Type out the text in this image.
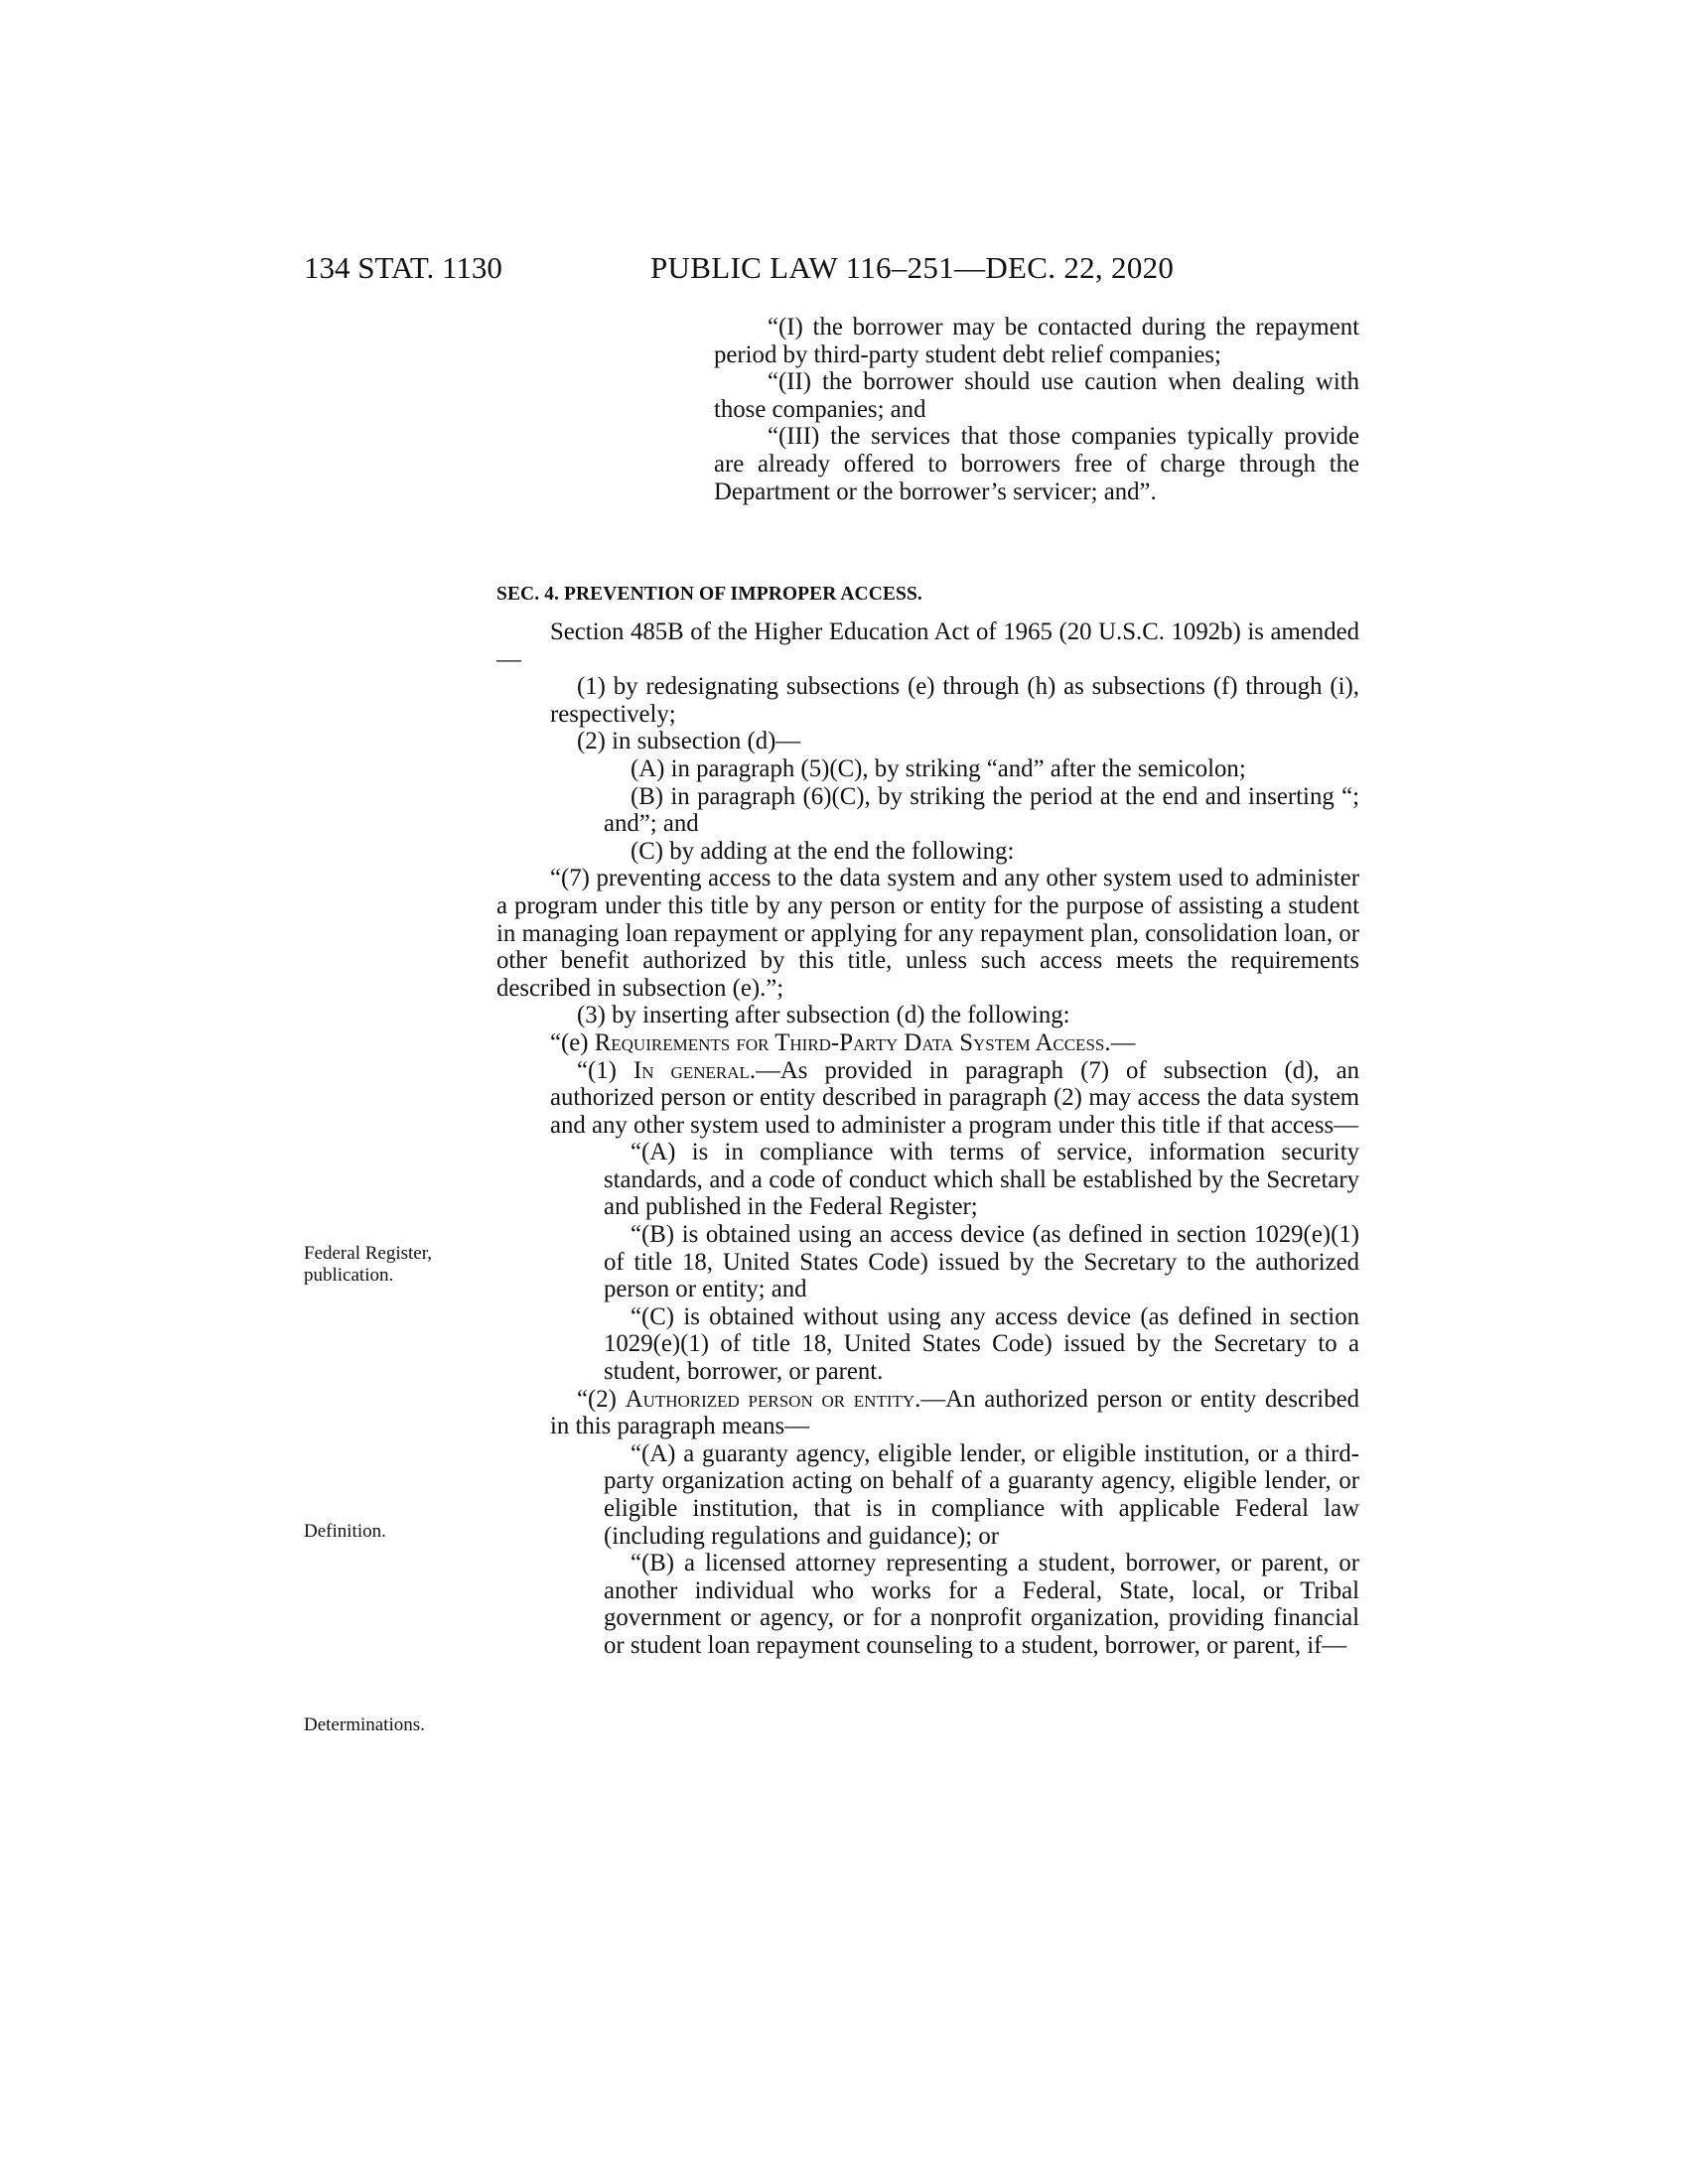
134 STAT. 1130	PUBLIC LAW 116–251—DEC. 22, 2020

“(I) the borrower may be contacted during the repayment period by third-party student debt relief companies;

“(II) the borrower should use caution when dealing with those companies; and

“(III) the services that those companies typically provide are already offered to borrowers free of charge through the Department or the borrower’s servicer; and”.

SEC. 4. PREVENTION OF IMPROPER ACCESS.

Section 485B of the Higher Education Act of 1965 (20 U.S.C. 1092b) is amended—

(1) by redesignating subsections (e) through (h) as subsections (f) through (i), respectively;

(2) in subsection (d)—

(A) in paragraph (5)(C), by striking “and” after the semicolon;

(B) in paragraph (6)(C), by striking the period at the end and inserting “; and”; and

(C) by adding at the end the following:

“(7) preventing access to the data system and any other system used to administer a program under this title by any person or entity for the purpose of assisting a student in managing loan repayment or applying for any repayment plan, consolidation loan, or other benefit authorized by this title, unless such access meets the requirements described in subsection (e).”;

(3) by inserting after subsection (d) the following:

“(e) Requirements for Third-Party Data System Access.—

“(1) In general.—As provided in paragraph (7) of subsection (d), an authorized person or entity described in paragraph (2) may access the data system and any other system used to administer a program under this title if that access—

“(A) is in compliance with terms of service, information security standards, and a code of conduct which shall be established by the Secretary and published in the Federal Register;

“(B) is obtained using an access device (as defined in section 1029(e)(1) of title 18, United States Code) issued by the Secretary to the authorized person or entity; and

“(C) is obtained without using any access device (as defined in section 1029(e)(1) of title 18, United States Code) issued by the Secretary to a student, borrower, or parent.

“(2) Authorized person or entity.—An authorized person or entity described in this paragraph means—

“(A) a guaranty agency, eligible lender, or eligible institution, or a third-party organization acting on behalf of a guaranty agency, eligible lender, or eligible institution, that is in compliance with applicable Federal law (including regulations and guidance); or

“(B) a licensed attorney representing a student, borrower, or parent, or another individual who works for a Federal, State, local, or Tribal government or agency, or for a nonprofit organization, providing financial or student loan repayment counseling to a student, borrower, or parent, if—

Federal Register,
publication.
Definition.
Determinations.
